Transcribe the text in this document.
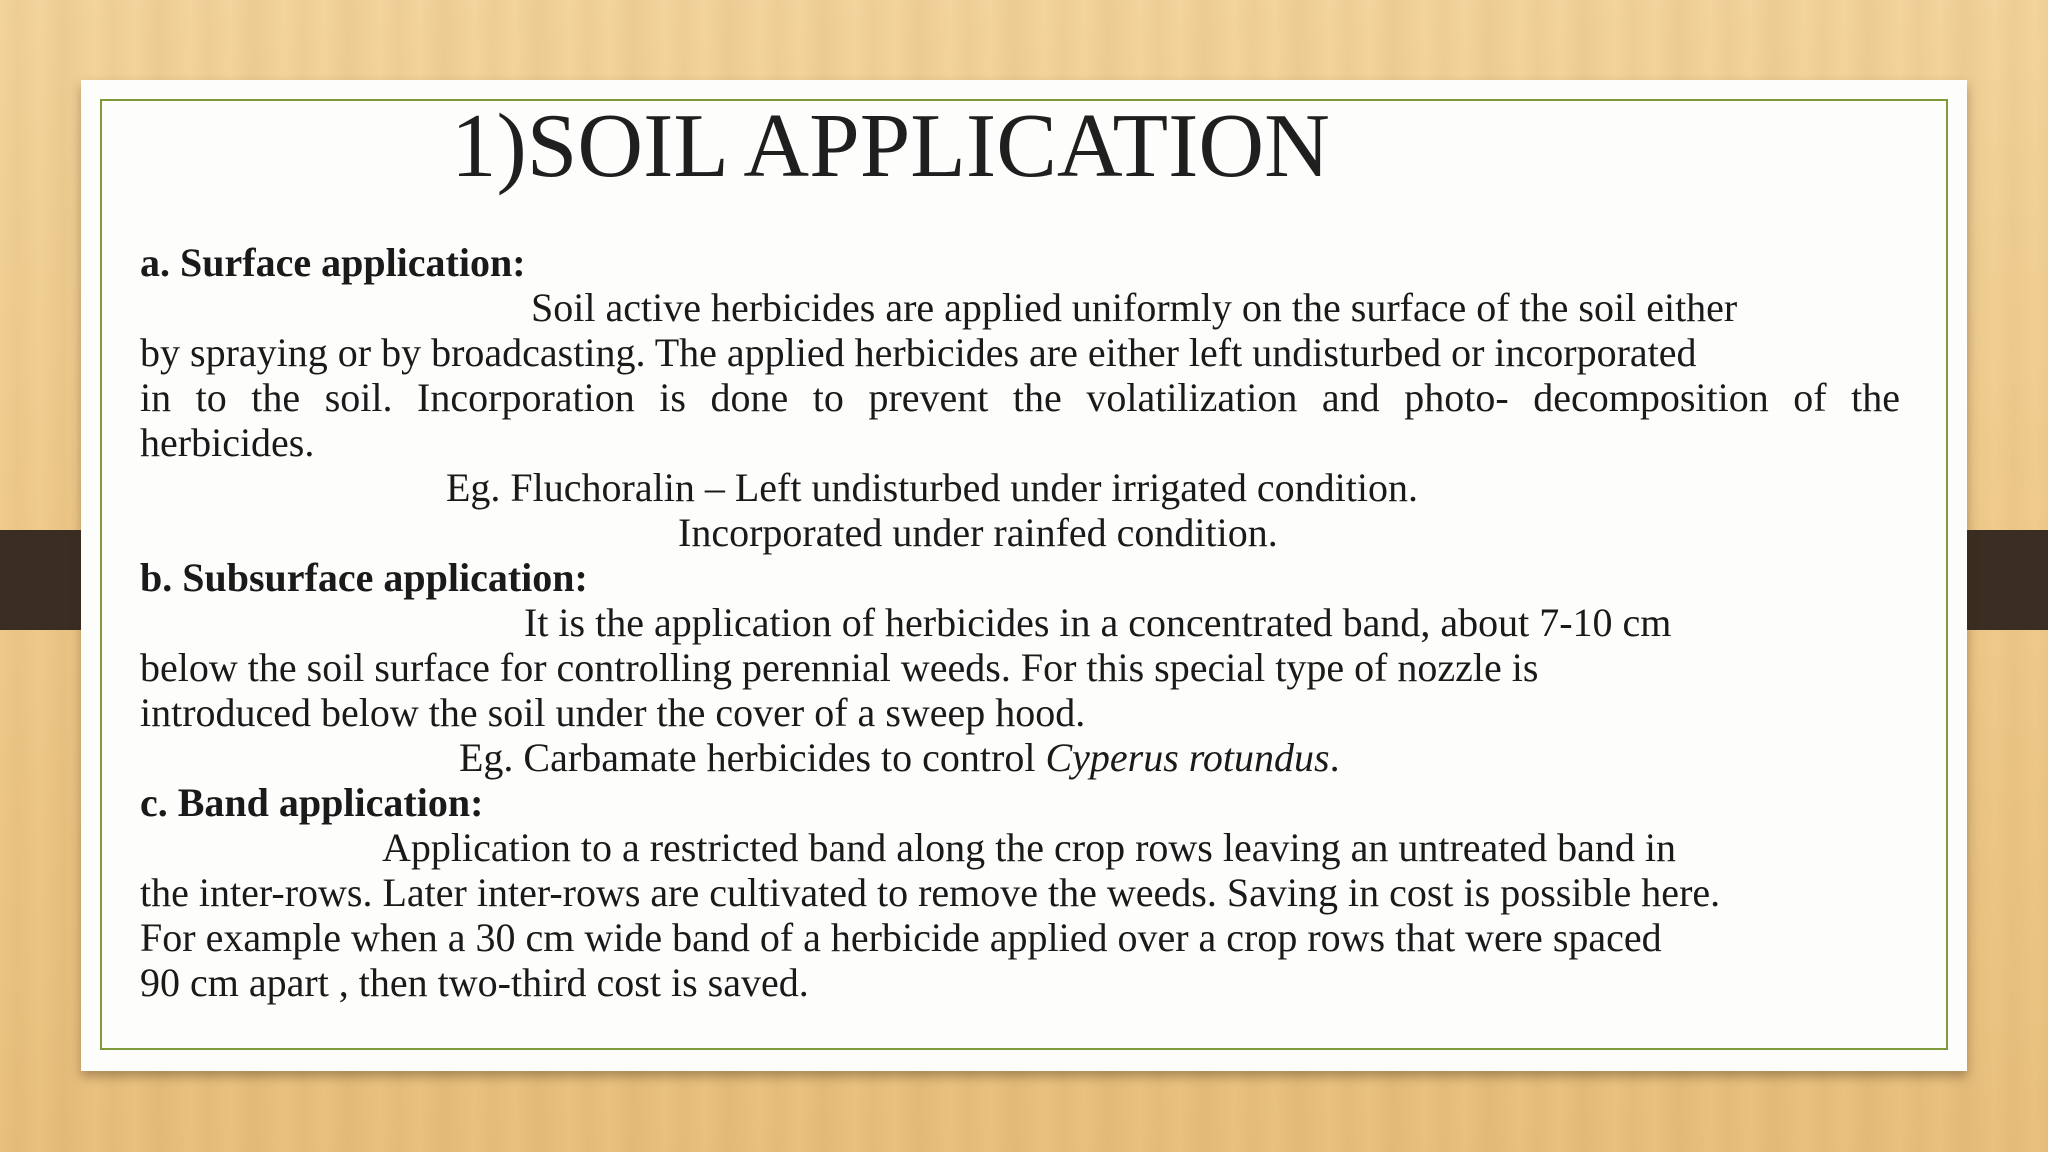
1)SOIL APPLICATION
a. Surface application:
Soil active herbicides are applied uniformly on the surface of the soil either
by spraying or by broadcasting. The applied herbicides are either left undisturbed or incorporated
in to the soil. Incorporation is done to prevent the volatilization and photo- decomposition of the
herbicides.
Eg. Fluchoralin – Left undisturbed under irrigated condition.
Incorporated under rainfed condition.
b. Subsurface application:
It is the application of herbicides in a concentrated band, about 7-10 cm
below the soil surface for controlling perennial weeds. For this special type of nozzle is
introduced below the soil under the cover of a sweep hood.
Eg. Carbamate herbicides to control Cyperus rotundus.
c. Band application:
Application to a restricted band along the crop rows leaving an untreated band in
the inter-rows. Later inter-rows are cultivated to remove the weeds. Saving in cost is possible here.
For example when a 30 cm wide band of a herbicide applied over a crop rows that were spaced
90 cm apart , then two-third cost is saved.
